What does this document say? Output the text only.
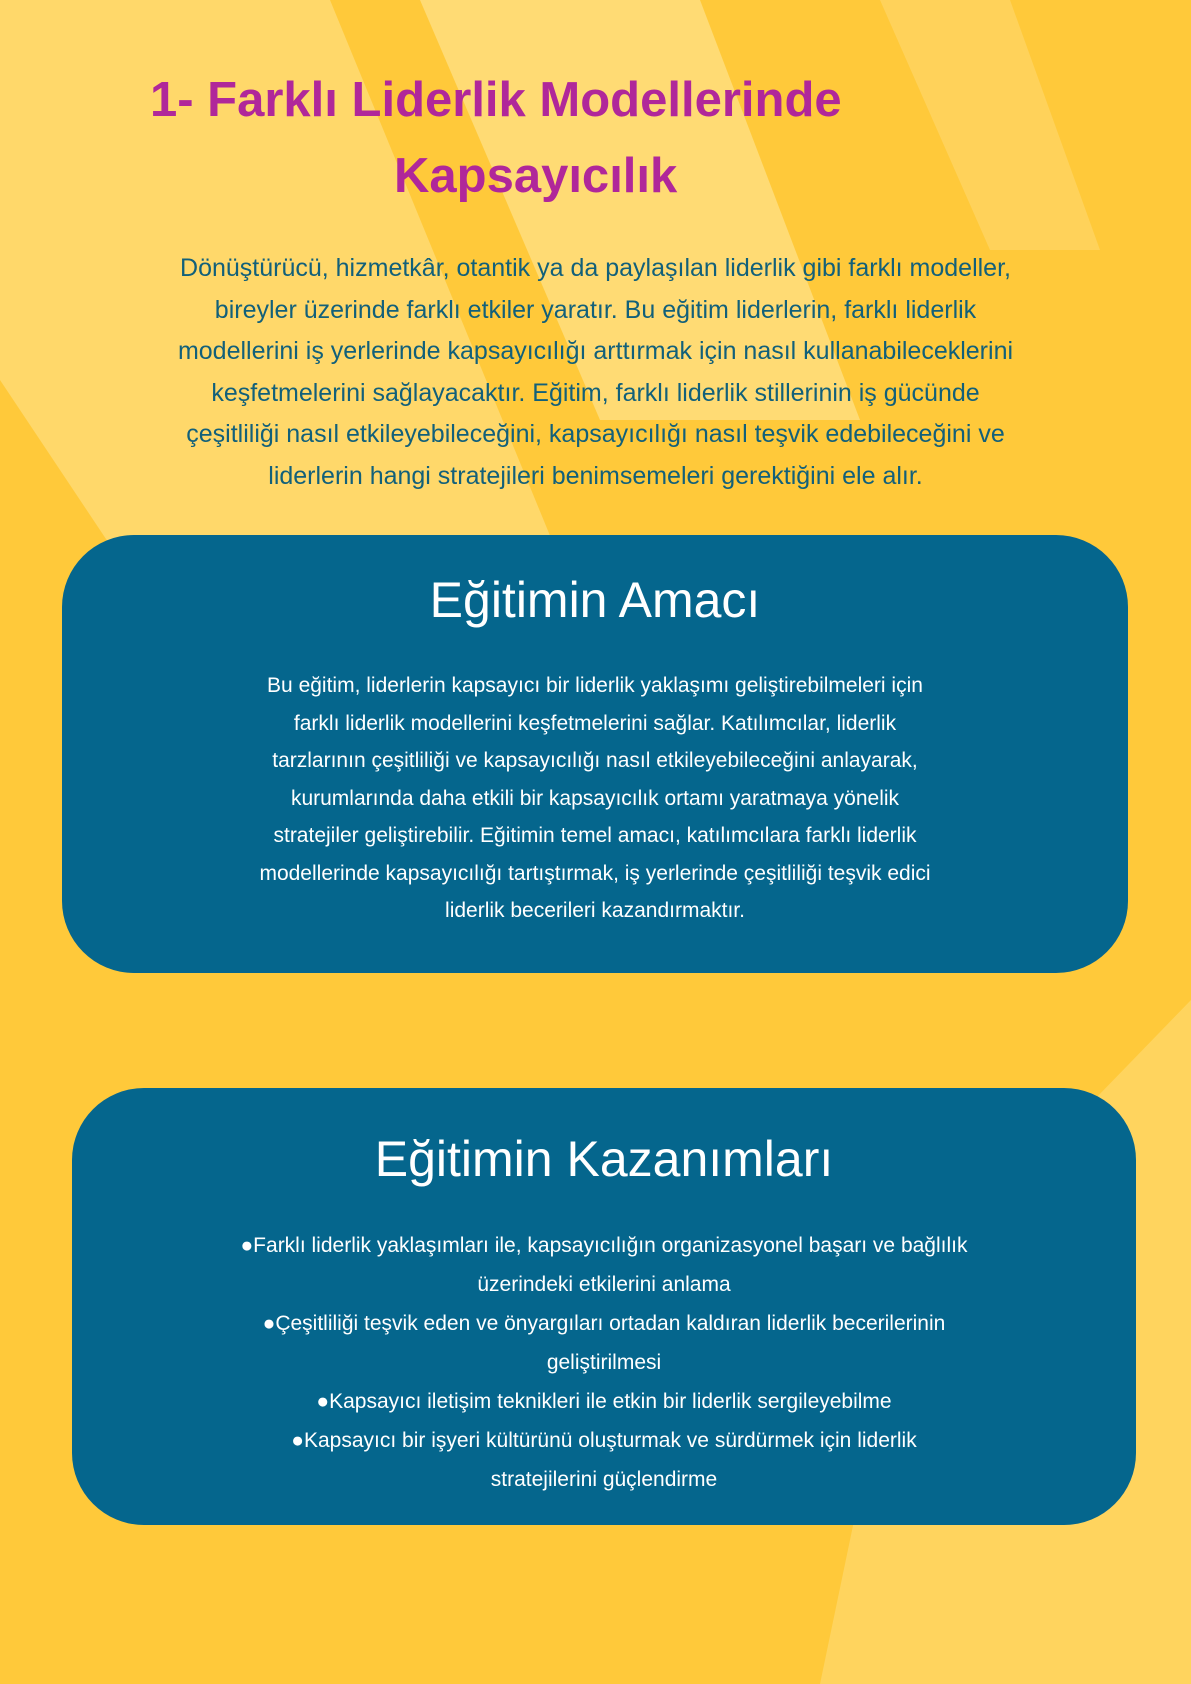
1- Farklı Liderlik Modellerinde
Kapsayıcılık
Dönüştürücü, hizmetkâr, otantik ya da paylaşılan liderlik gibi farklı modeller,
bireyler üzerinde farklı etkiler yaratır. Bu eğitim liderlerin, farklı liderlik
modellerini iş yerlerinde kapsayıcılığı arttırmak için nasıl kullanabileceklerini
keşfetmelerini sağlayacaktır. Eğitim, farklı liderlik stillerinin iş gücünde
çeşitliliği nasıl etkileyebileceğini, kapsayıcılığı nasıl teşvik edebileceğini ve
liderlerin hangi stratejileri benimsemeleri gerektiğini ele alır.
Eğitimin Amacı
Bu eğitim, liderlerin kapsayıcı bir liderlik yaklaşımı geliştirebilmeleri için
farklı liderlik modellerini keşfetmelerini sağlar. Katılımcılar, liderlik
tarzlarının çeşitliliği ve kapsayıcılığı nasıl etkileyebileceğini anlayarak,
kurumlarında daha etkili bir kapsayıcılık ortamı yaratmaya yönelik
stratejiler geliştirebilir. Eğitimin temel amacı, katılımcılara farklı liderlik
modellerinde kapsayıcılığı tartıştırmak, iş yerlerinde çeşitliliği teşvik edici
liderlik becerileri kazandırmaktır.
Eğitimin Kazanımları
●Farklı liderlik yaklaşımları ile, kapsayıcılığın organizasyonel başarı ve bağlılık
üzerindeki etkilerini anlama
●Çeşitliliği teşvik eden ve önyargıları ortadan kaldıran liderlik becerilerinin
geliştirilmesi
●Kapsayıcı iletişim teknikleri ile etkin bir liderlik sergileyebilme
●Kapsayıcı bir işyeri kültürünü oluşturmak ve sürdürmek için liderlik
stratejilerini güçlendirme
